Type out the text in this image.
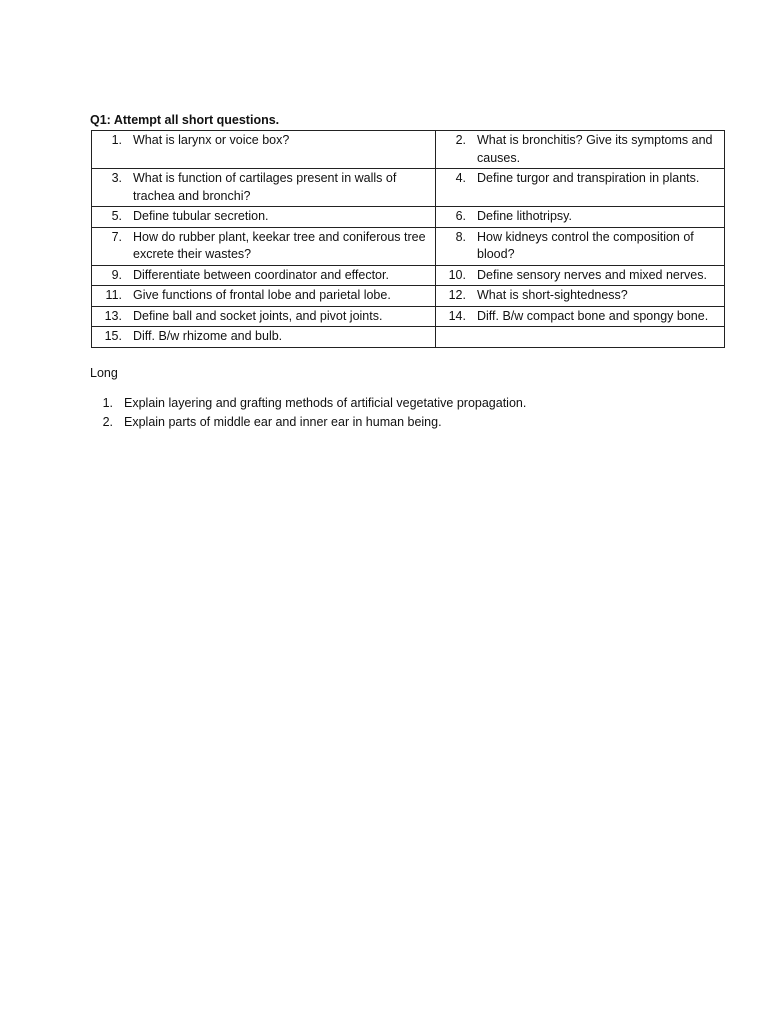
Q1: Attempt all short questions.
1. What is larynx or voice box?	2. What is bronchitis? Give its symptoms and causes.

3. What is function of cartilages present in walls of trachea and bronchi?	4. Define turgor and transpiration in plants.

5. Define tubular secretion.	6. Define lithotripsy.

7. How do rubber plant, keekar tree and coniferous tree excrete their wastes?	8. How kidneys control the composition of blood?

9. Differentiate between coordinator and effector.	10. Define sensory nerves and mixed nerves.

11. Give functions of frontal lobe and parietal lobe.	12. What is short-sightedness?

13. Define ball and socket joints, and pivot joints.	14. Diff. B/w compact bone and spongy bone.

15. Diff. B/w rhizome and bulb.	

Long
1. Explain layering and grafting methods of artificial vegetative propagation.
2. Explain parts of middle ear and inner ear in human being.
